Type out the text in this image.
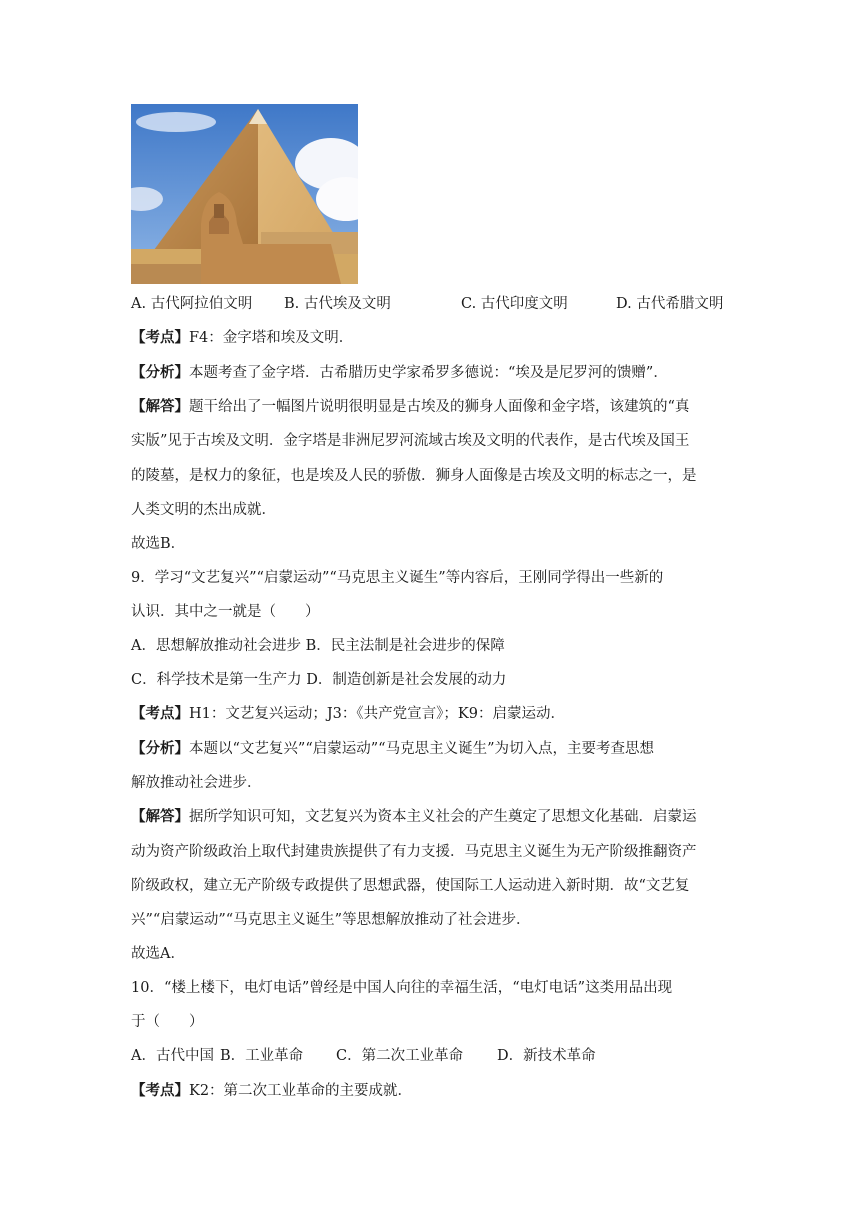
A. 古代阿拉伯文明	B. 古代埃及文明	C. 古代印度文明	D. 古代希腊文明
【考点】F4：金字塔和埃及文明．
【分析】本题考查了金字塔．古希腊历史学家希罗多德说：“埃及是尼罗河的馈赠”．
【解答】题干给出了一幅图片说明很明显是古埃及的狮身人面像和金字塔，该建筑的“真
实版”见于古埃及文明．金字塔是非洲尼罗河流域古埃及文明的代表作，是古代埃及国王
的陵墓，是权力的象征，也是埃及人民的骄傲．狮身人面像是古埃及文明的标志之一，是
人类文明的杰出成就．
故选B．
9．学习“文艺复兴”“启蒙运动”“马克思主义诞生”等内容后，王刚同学得出一些新的
认识．其中之一就是（　　）
A．思想解放推动社会进步 B．民主法制是社会进步的保障
C．科学技术是第一生产力 D．制造创新是社会发展的动力
【考点】H1：文艺复兴运动；J3：《共产党宣言》；K9：启蒙运动．
【分析】本题以“文艺复兴”“启蒙运动”“马克思主义诞生”为切入点，主要考查思想
解放推动社会进步．
【解答】据所学知识可知，文艺复兴为资本主义社会的产生奠定了思想文化基础．启蒙运
动为资产阶级政治上取代封建贵族提供了有力支援．马克思主义诞生为无产阶级推翻资产
阶级政权，建立无产阶级专政提供了思想武器，使国际工人运动进入新时期．故“文艺复
兴”“启蒙运动”“马克思主义诞生”等思想解放推动了社会进步．
故选A．
10．“楼上楼下，电灯电话”曾经是中国人向往的幸福生活，“电灯电话”这类用品出现
于（　　）
A．古代中国 B．工业革命	C．第二次工业革命	D．新技术革命
【考点】K2：第二次工业革命的主要成就．
